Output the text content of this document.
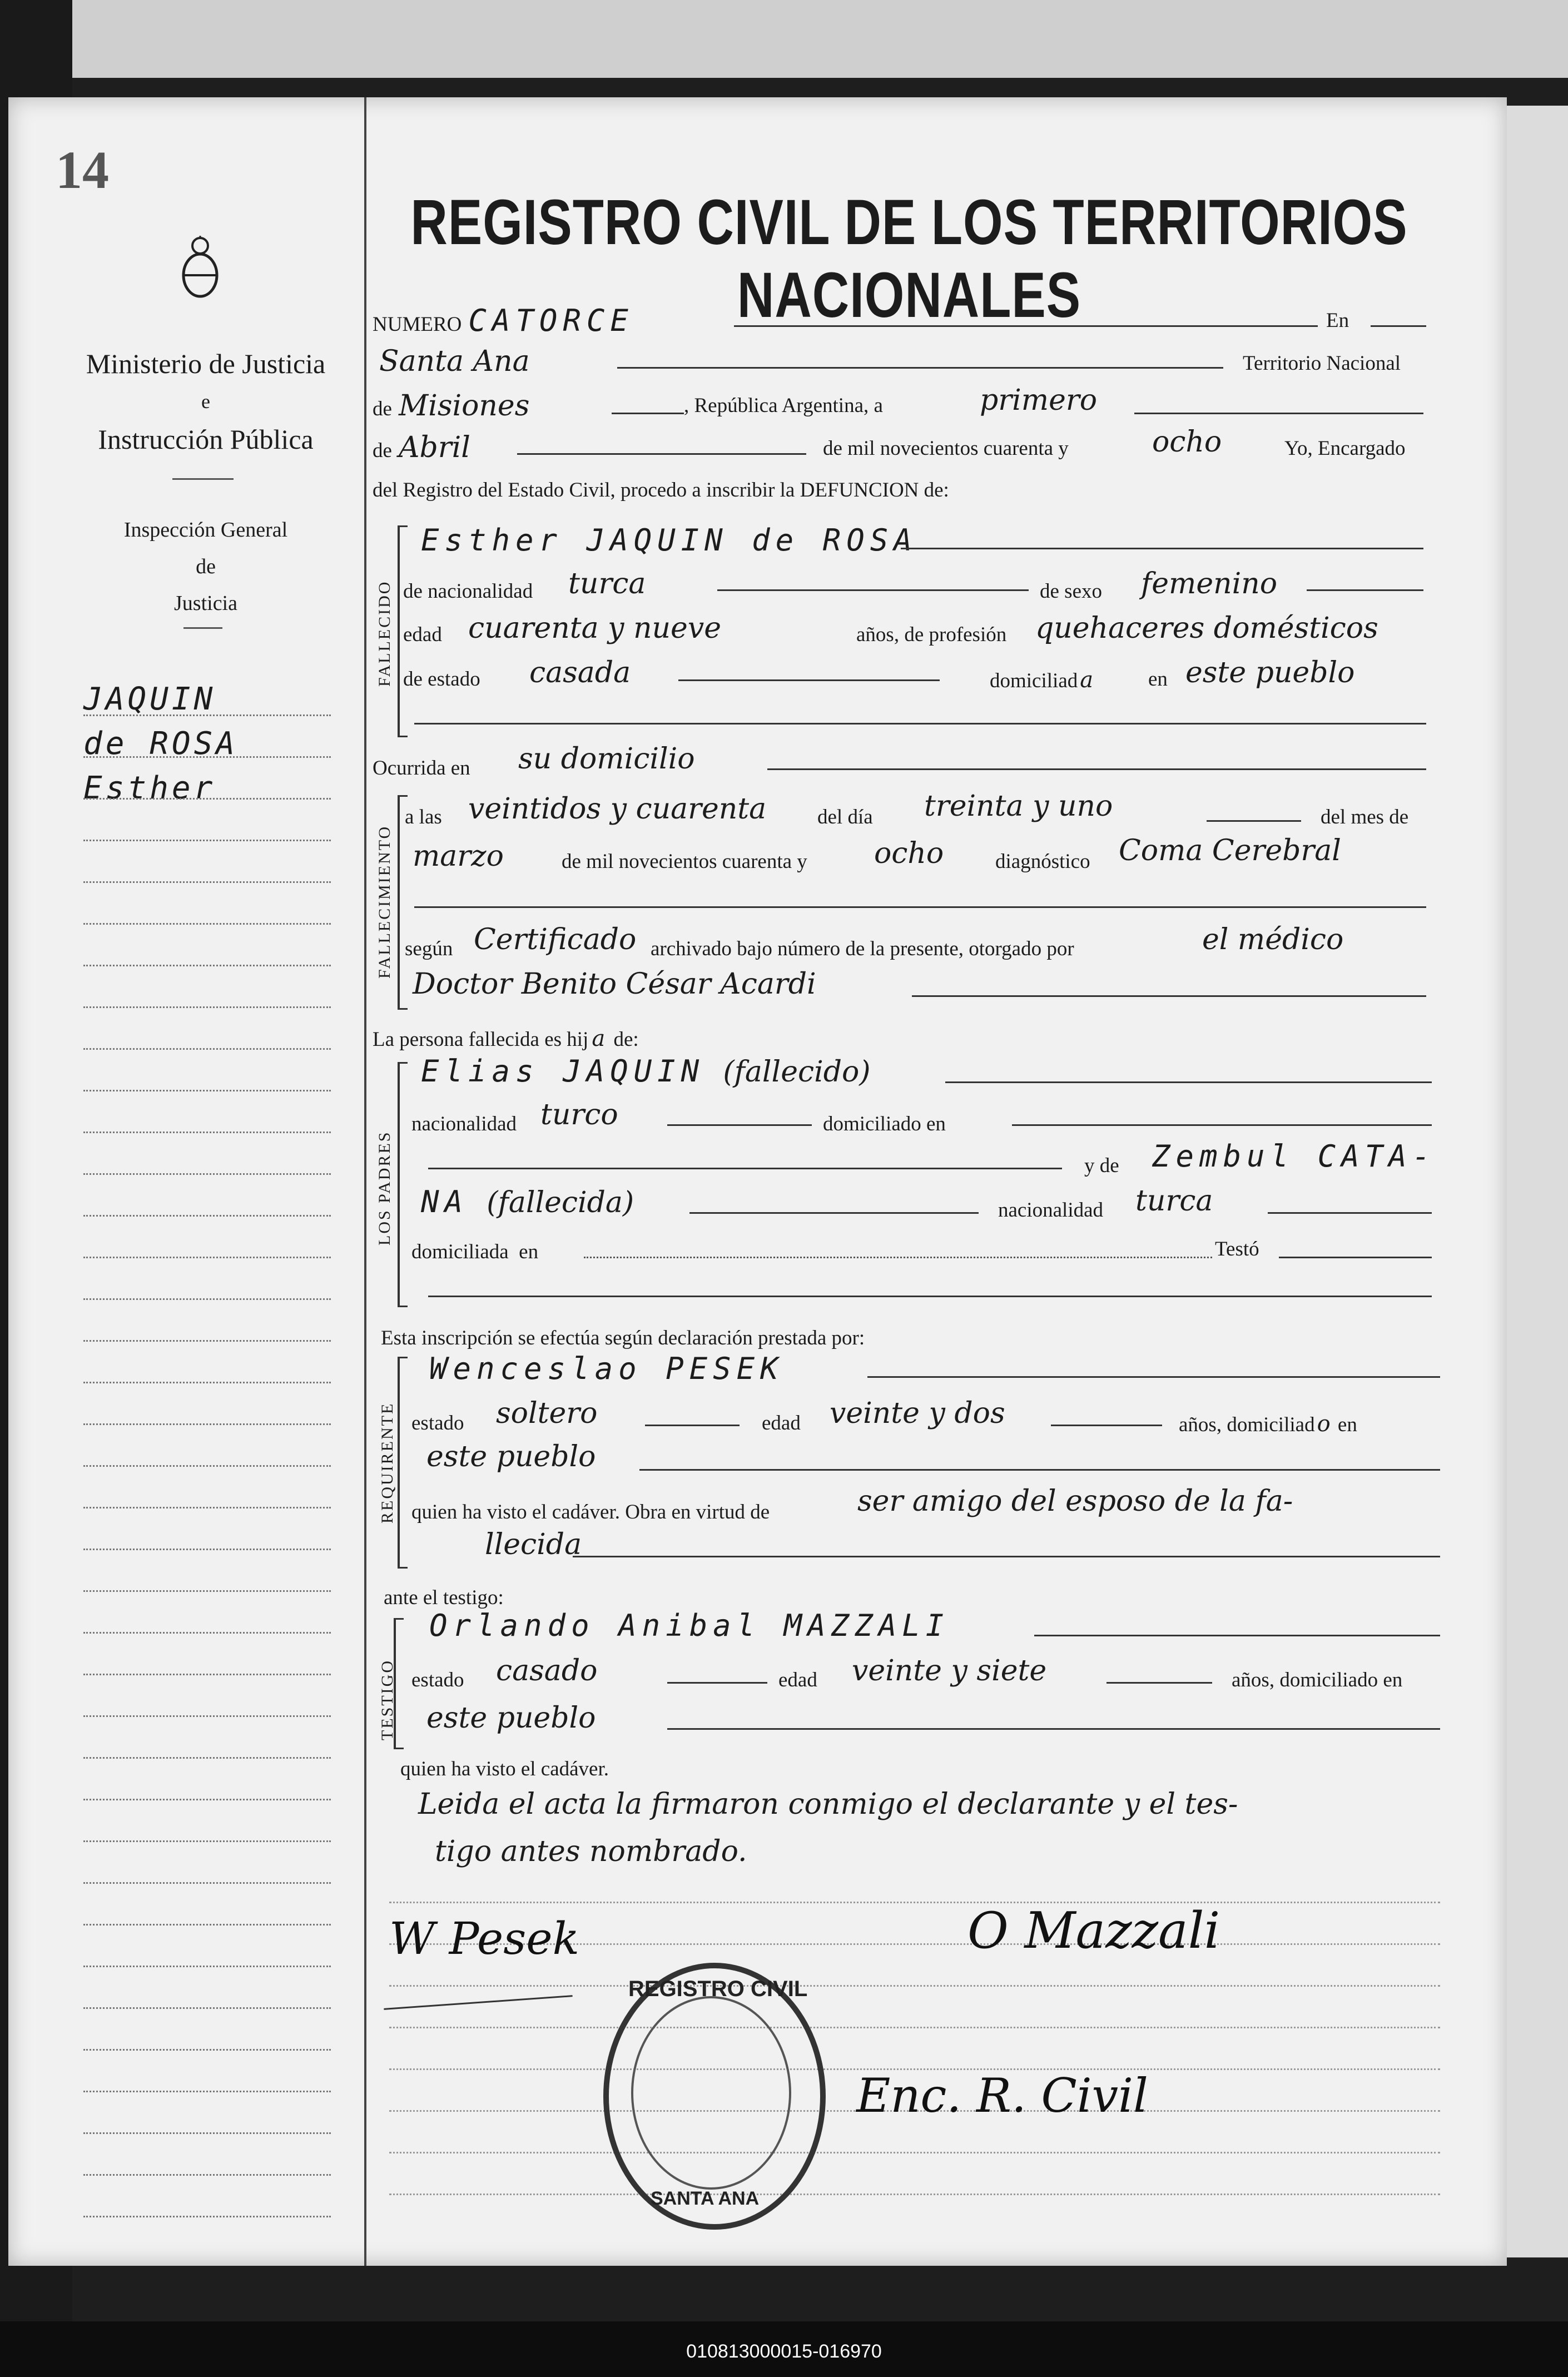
14
Ministerio de Justicia
e
Instrucción Pública
Inspección General
de
Justicia
JAQUIN
de ROSA
Esther
REGISTRO CIVIL DE LOS TERRITORIOS NACIONALES
NUMERO CATORCE	En
Santa Ana	Territorio Nacional
de Misiones	, República Argentina, a	primero
de Abril	de mil novecientos cuarenta y	ocho	Yo, Encargado
del Registro del Estado Civil, procedo a inscribir la DEFUNCION de:
FALLECIDO
Esther JAQUIN de ROSA
de nacionalidad turca	de sexo femenino
edad cuarenta y nueve	años, de profesión quehaceres domésticos
de estado casada	domiciliad a	en este pueblo
Ocurrida en su domicilio
FALLECIMIENTO
a las veintidos y cuarenta	del día treinta y uno	del mes de
marzo	de mil novecientos cuarenta y ocho	diagnóstico Coma Cerebral
según Certificado archivado bajo número de la presente, otorgado por	el médico
Doctor Benito César Acardi
La persona fallecida es hij a de:
LOS PADRES
Elias JAQUIN (fallecido)
nacionalidad turco	domiciliado en
y de Zembul CATA-
NA (fallecida)	nacionalidad turca
domiciliada en	Testó
Esta inscripción se efectúa según declaración prestada por:
REQUIRENTE
Wenceslao PESEK
estado soltero	edad veinte y dos	años, domiciliad o en
este pueblo
quien ha visto el cadáver. Obra en virtud de	ser amigo del esposo de la fa-
llecida
ante el testigo:
TESTIGO
Orlando Anibal MAZZALI
estado casado	edad veinte y siete	años, domiciliado en
este pueblo
quien ha visto el cadáver.
Leida el acta la firmaron conmigo el declarante y el tes-
tigo antes nombrado.
W Pesek	O Mazzali
Enc. R. Civil
REGISTRO CIVIL
SANTA ANA
010813000015-016970
